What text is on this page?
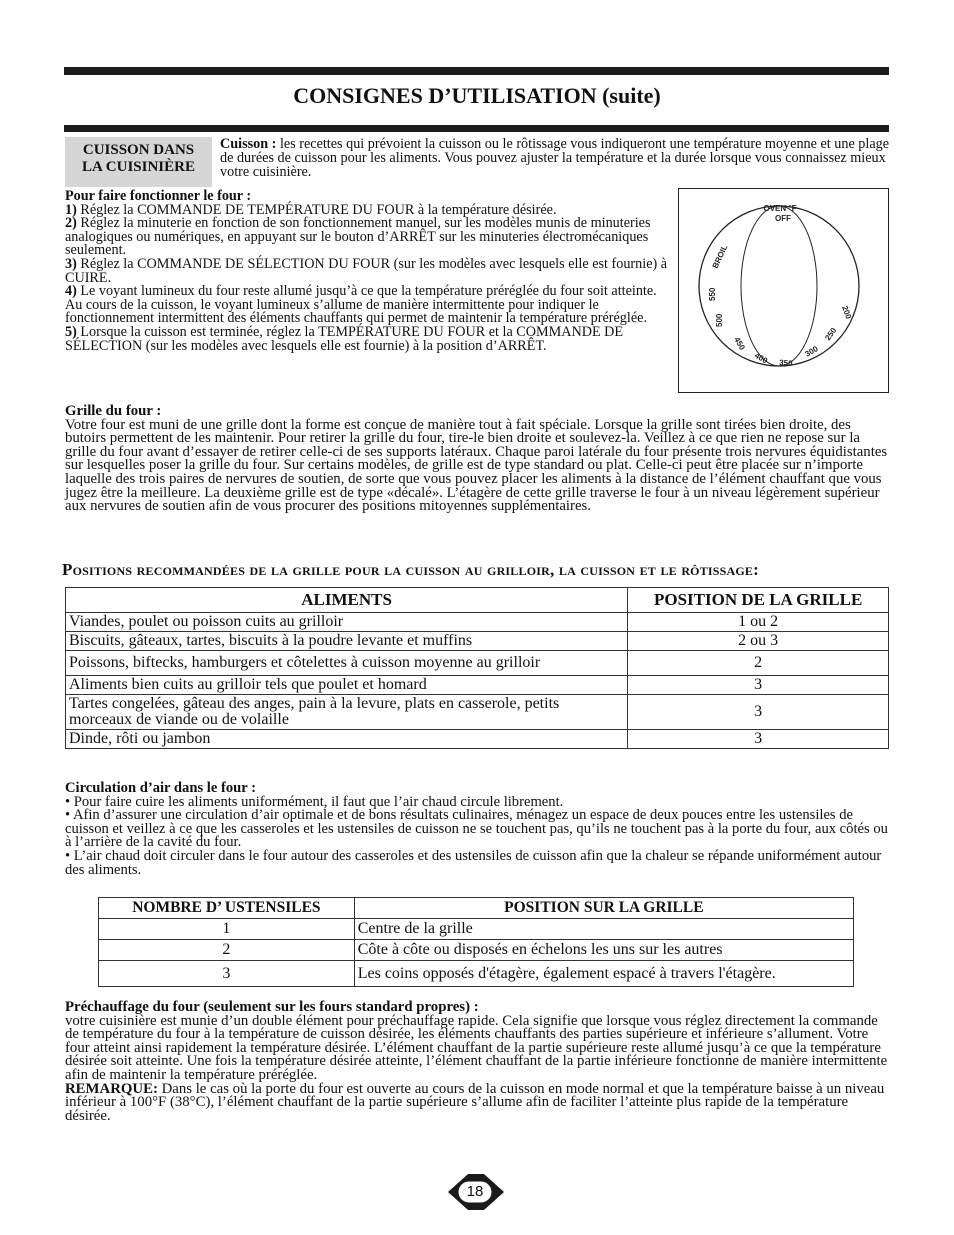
CONSIGNES D’UTILISATION (suite)
CUISSON DANS
LA CUISINIÈRE
Cuisson : les recettes qui prévoient la cuisson ou le rôtissage vous indiqueront une température moyenne et une plage de durées de cuisson pour les aliments. Vous pouvez ajuster la température et la durée lorsque vous connaissez mieux votre cuisinière.

Pour faire fonctionner le four :

1) Réglez la COMMANDE DE TEMPÉRATURE DU FOUR à la température désirée.

2) Réglez la minuterie en fonction de son fonctionnement manuel, sur les modèles munis de minuteries analogiques ou numériques, en appuyant sur le bouton d’ARRÊT sur les minuteries électromécaniques seulement.

3) Réglez la COMMANDE DE SÉLECTION DU FOUR (sur les modèles avec lesquels elle est fournie) à CUIRE.

4) Le voyant lumineux du four reste allumé jusqu’à ce que la température préréglée du four soit atteinte. Au cours de la cuisson, le voyant lumineux s’allume de manière intermittente pour indiquer le fonctionnement intermittent des éléments chauffants qui permet de maintenir la température préréglée.

5) Lorsque la cuisson est terminée, réglez la TEMPÉRATURE DU FOUR et la COMMANDE DE SÉLECTION (sur les modèles avec lesquels elle est fournie) à la position d’ARRÊT.

OVEN °F
OFF
BROIL
550
500
450
400 350
300
250
200

Grille du four :

Votre four est muni de une grille dont la forme est conçue de manière tout à fait spéciale. Lorsque la grille sont tirées bien droite, des butoirs permettent de les maintenir. Pour retirer la grille du four, tire-le bien droite et soulevez-la. Veillez à ce que rien ne repose sur la grille du four avant d’essayer de retirer celle-ci de ses supports latéraux. Chaque paroi latérale du four présente trois nervures équidistantes sur lesquelles poser la grille du four. Sur certains modèles, de grille est de type standard ou plat. Celle-ci peut être placée sur n’importe laquelle des trois paires de nervures de soutien, de sorte que vous pouvez placer les aliments à la distance de l’élément chauffant que vous jugez être la meilleure. La deuxième grille est de type «décalé». L’étagère de cette grille traverse le four à un niveau légèrement supérieur aux nervures de soutien afin de vous procurer des positions mitoyennes supplémentaires.

Positions recommandées de la grille pour la cuisson au grilloir, la cuisson et le rôtissage:
ALIMENTS	POSITION DE LA GRILLE
Viandes, poulet ou poisson cuits au grilloir	1 ou 2
Biscuits, gâteaux, tartes, biscuits à la poudre levante et muffins	2 ou 3
Poissons, biftecks, hamburgers et côtelettes à cuisson moyenne au grilloir	2
Aliments bien cuits au grilloir tels que poulet et homard	3
Tartes congelées, gâteau des anges, pain à la levure, plats en casserole, petits morceaux de viande ou de volaille	3
Dinde, rôti ou jambon	3

Circulation d’air dans le four :

• Pour faire cuire les aliments uniformément, il faut que l’air chaud circule librement.

• Afin d’assurer une circulation d’air optimale et de bons résultats culinaires, ménagez un espace de deux pouces entre les ustensiles de cuisson et veillez à ce que les casseroles et les ustensiles de cuisson ne se touchent pas, qu’ils ne touchent pas à la porte du four, aux côtés ou à l’arrière de la cavité du four.

• L’air chaud doit circuler dans le four autour des casseroles et des ustensiles de cuisson afin que la chaleur se répande uniformément autour des aliments.

NOMBRE D’ USTENSILES	POSITION SUR LA GRILLE
1	Centre de la grille
2	Côte à côte ou disposés en échelons les uns sur les autres
3	Les coins opposés d'étagère, également espacé à travers l'étagère.

Préchauffage du four (seulement sur les fours standard propres) :

votre cuisinière est munie d’un double élément pour préchauffage rapide. Cela signifie que lorsque vous réglez directement la commande de température du four à la température de cuisson désirée, les éléments chauffants des parties supérieure et inférieure s’allument. Votre four atteint ainsi rapidement la température désirée. L’élément chauffant de la partie supérieure reste allumé jusqu’à ce que la température désirée soit atteinte. Une fois la température désirée atteinte, l’élément chauffant de la partie inférieure fonctionne de manière intermittente afin de maintenir la température préréglée.

REMARQUE: Dans le cas où la porte du four est ouverte au cours de la cuisson en mode normal et que la température baisse à un niveau inférieur à 100°F (38°C), l’élément chauffant de la partie supérieure s’allume afin de faciliter l’atteinte plus rapide de la température désirée.

18
